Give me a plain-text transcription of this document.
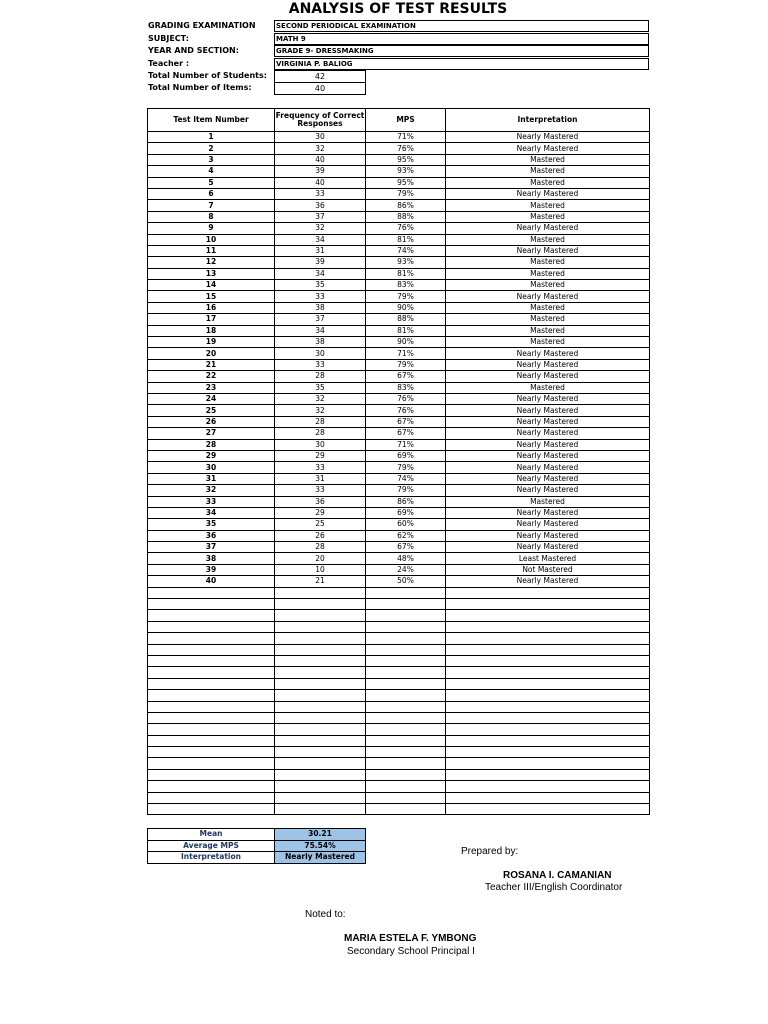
ANALYSIS OF TEST RESULTS
GRADING EXAMINATION	SECOND PERIODICAL EXAMINATION
SUBJECT:	MATH 9
YEAR AND SECTION:	GRADE 9- DRESSMAKING
Teacher :	VIRGINIA P. BALIOG
Total Number of Students:	42
Total Number of Items:	40
Test Item Number	Frequency of Correct Responses	MPS	Interpretation
1	30	71%	Nearly Mastered
2	32	76%	Nearly Mastered
3	40	95%	Mastered
4	39	93%	Mastered
5	40	95%	Mastered
6	33	79%	Nearly Mastered
7	36	86%	Mastered
8	37	88%	Mastered
9	32	76%	Nearly Mastered
10	34	81%	Mastered
11	31	74%	Nearly Mastered
12	39	93%	Mastered
13	34	81%	Mastered
14	35	83%	Mastered
15	33	79%	Nearly Mastered
16	38	90%	Mastered
17	37	88%	Mastered
18	34	81%	Mastered
19	38	90%	Mastered
20	30	71%	Nearly Mastered
21	33	79%	Nearly Mastered
22	28	67%	Nearly Mastered
23	35	83%	Mastered
24	32	76%	Nearly Mastered
25	32	76%	Nearly Mastered
26	28	67%	Nearly Mastered
27	28	67%	Nearly Mastered
28	30	71%	Nearly Mastered
29	29	69%	Nearly Mastered
30	33	79%	Nearly Mastered
31	31	74%	Nearly Mastered
32	33	79%	Nearly Mastered
33	36	86%	Mastered
34	29	69%	Nearly Mastered
35	25	60%	Nearly Mastered
36	26	62%	Nearly Mastered
37	28	67%	Nearly Mastered
38	20	48%	Least Mastered
39	10	24%	Not Mastered
40	21	50%	Nearly Mastered

Mean	30.21
Average MPS	75.54%
Interpretation	Nearly Mastered	Prepared by:
ROSANA I. CAMANIAN
Teacher III/English Coordinator
Noted to:
MARIA ESTELA F. YMBONG
Secondary School Principal I
